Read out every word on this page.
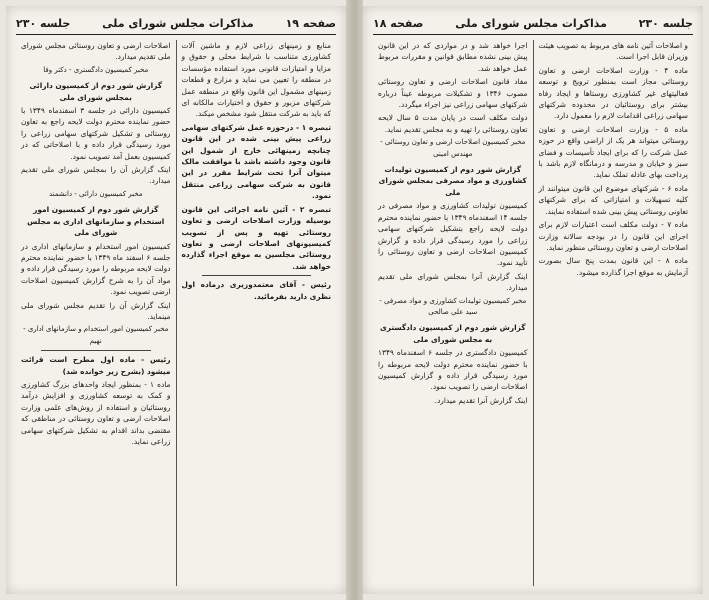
صفحه ۱۹
مذاکرات مجلس شورای ملی
جلسه ۲۳۰

منابع و زمینهای زراعی لازم و ماشین آلات کشاورزی متناسب با شرایط محلی و حقوق و مزایا و امتیازات قانونی مورد استفاده مؤسسات در منطقه را تعیین می نماید و مزارع و قطعات زمینهای مشمول این قانون واقع در منطقه عمل شرکتهای مزبور و حقوق و اختیارات مالکانه ای که باید به شرکت منتقل شود مشخص میکند.

تبصره ۱ - درحوزه عمل شرکتهای سهامی زراعی پیش بینی شده در این قانون چنانچه زمینهائی خارج از شمول این قانون وجود داشته باشد با موافقت مالک میتوان آنرا تحت شرایط مقرر در این قانون به شرکت سهامی زراعی منتقل نمود.

تبصره ۲ - آئین نامه اجرائی این قانون بوسیله وزارت اصلاحات ارضی و تعاون روستائی تهیه و پس از تصویب کمیسیونهای اصلاحات ارضی و تعاون روستائی مجلسین به موقع اجراء گذارده خواهد شد.

رئیس - آقای معتمدوزیری درماده اول نظری دارید بفرمائید.

اصلاحات ارضی و تعاون روستائی مجلس شورای ملی تقدیم میدارد.

مخبر کمیسیون دادگستری - دکتر وفا

گزارش شور دوم از کمیسیون دارائی بمجلس شورای ملی

کمیسیون دارائی در جلسه ۳ اسفندماه ۱۳۴۹ با حضور نماینده محترم دولت لایحه راجع به تعاون روستائی و تشکیل شرکتهای سهامی زراعی را مورد رسیدگی قرار داده و با اصلاحاتی که در کمیسیون بعمل آمد تصویب نمود.

اینک گزارش آن را بمجلس شورای ملی تقدیم میدارد.

مخبر کمیسیون دارائی - دانشمند

گزارش شور دوم از کمیسیون امور استخدام و سازمانهای اداری به مجلس شورای ملی

کمیسیون امور استخدام و سازمانهای اداری در جلسه ۶ اسفند ماه ۱۳۴۹ با حضور نماینده محترم دولت لایحه مربوطه را مورد رسیدگی قرار داده و مواد آن را به شرح گزارش کمیسیون اصلاحات ارضی تصویب نمود.

اینک گزارش آن را تقدیم مجلس شورای ملی مینماید.

مخبر کمیسیون امور استخدام و سازمانهای اداری - نهیم

رئیس - ماده اول مطرح است قرائت میشود (بشرح زیر خوانده شد)

ماده ۱ - بمنظور ایجاد واحدهای بزرگ کشاورزی و کمک به توسعه کشاورزی و افزایش درآمد روستائیان و استفاده از روش‌های علمی وزارت اصلاحات ارضی و تعاون روستائی در مناطقی که مقتضی بداند اقدام به تشکیل شرکتهای سهامی زراعی نماید.

جلسه ۲۳۰
مذاکرات مجلس شورای ملی
صفحه ۱۸

و اصلاحات آئین نامه های مربوط به تصویب هیئت وزیران قابل اجرا است.

ماده ۴ - وزارت اصلاحات ارضی و تعاون روستائی مجاز است بمنظور ترویج و توسعه فعالیتهای غیر کشاورزی روستاها و ایجاد رفاه بیشتر برای روستائیان در محدوده شرکتهای سهامی زراعی اقدامات لازم را معمول دارد.

ماده ۵ - وزارت اصلاحات ارضی و تعاون روستائی میتواند هر یک از اراضی واقع در حوزه عمل شرکت را که برای ایجاد تأسیسات و فضای سبز و خیابان و مدرسه و درمانگاه لازم باشد با پرداخت بهای عادله تملک نماید.

ماده ۶ - شرکتهای موضوع این قانون میتوانند از کلیه تسهیلات و امتیازاتی که برای شرکتهای تعاونی روستائی پیش بینی شده استفاده نمایند.

ماده ۷ - دولت مکلف است اعتبارات لازم برای اجرای این قانون را در بودجه سالانه وزارت اصلاحات ارضی و تعاون روستائی منظور نماید.

ماده ۸ - این قانون بمدت پنج سال بصورت آزمایش به موقع اجرا گذارده میشود.

اجرا خواهد شد و در مواردی که در این قانون پیش بینی نشده مطابق قوانین و مقررات مربوط عمل خواهد شد.

مفاد قانون اصلاحات ارضی و تعاون روستائی مصوب ۱۳۴۶ و تشکیلات مربوطه عیناً درباره شرکتهای سهامی زراعی نیز اجراء میگردد.

دولت مکلف است در پایان مدت ۵ سال لایحه تعاون روستائی را تهیه و به مجلس تقدیم نماید.

مخبر کمیسیون اصلاحات ارضی و تعاون روستائی - مهندس امینی

گزارش شور دوم از کمیسیون تولیدات کشاورزی و مواد مصرفی بمجلس شورای ملی

کمیسیون تولیدات کشاورزی و مواد مصرفی در جلسه ۱۴ اسفندماه ۱۳۴۹ با حضور نماینده محترم دولت لایحه راجع بتشکیل شرکتهای سهامی زراعی را مورد رسیدگی قرار داده و گزارش کمیسیون اصلاحات ارضی و تعاون روستائی را تأیید نمود.

اینک گزارش آنرا بمجلس شورای ملی تقدیم میدارد.

مخبر کمیسیون تولیدات کشاورزی و مواد مصرفی - سید علی صالحی

گزارش شور دوم از کمیسیون دادگستری به مجلس شورای ملی

کمیسیون دادگستری در جلسه ۶ اسفندماه ۱۳۴۹ با حضور نماینده محترم دولت لایحه مربوطه را مورد رسیدگی قرار داده و گزارش کمیسیون اصلاحات ارضی را تصویب نمود.

اینک گزارش آنرا تقدیم میدارد.
